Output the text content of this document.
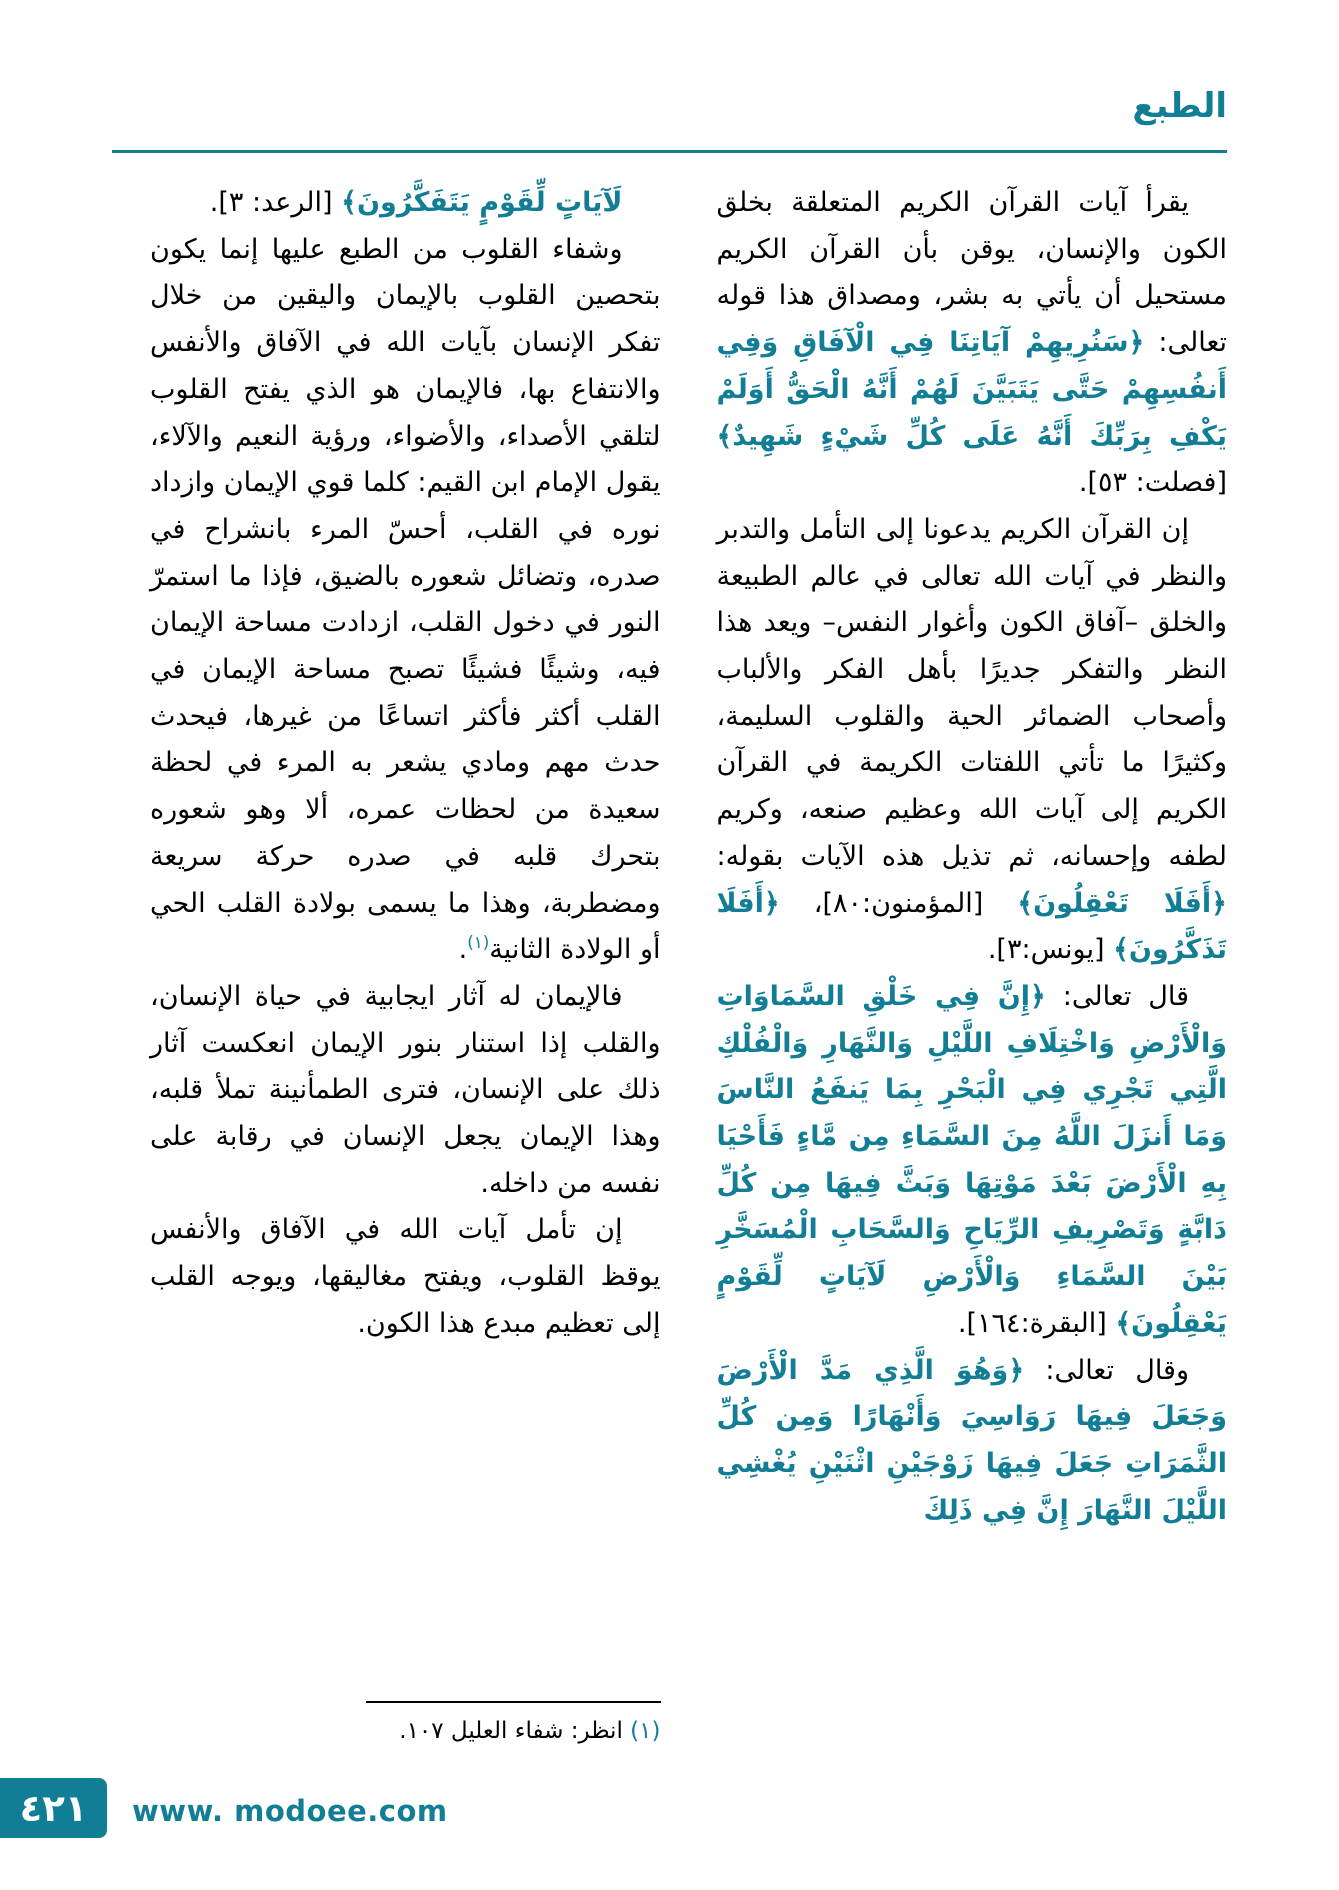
الطبع

يقرأ آيات القرآن الكريم المتعلقة بخلق الكون والإنسان، يوقن بأن القرآن الكريم مستحيل أن يأتي به بشر، ومصداق هذا قوله تعالى: ﴿سَنُرِيهِمْ آيَاتِنَا فِي الْآفَاقِ وَفِي أَنفُسِهِمْ حَتَّى يَتَبَيَّنَ لَهُمْ أَنَّهُ الْحَقُّ أَوَلَمْ يَكْفِ بِرَبِّكَ أَنَّهُ عَلَى كُلِّ شَيْءٍ شَهِيدٌ﴾ [فصلت: ٥٣].

إن القرآن الكريم يدعونا إلى التأمل والتدبر والنظر في آيات الله تعالى في عالم الطبيعة والخلق –آفاق الكون وأغوار النفس– ويعد هذا النظر والتفكر جديرًا بأهل الفكر والألباب وأصحاب الضمائر الحية والقلوب السليمة، وكثيرًا ما تأتي اللفتات الكريمة في القرآن الكريم إلى آيات الله وعظيم صنعه، وكريم لطفه وإحسانه، ثم تذيل هذه الآيات بقوله: ﴿أَفَلَا تَعْقِلُونَ﴾ [المؤمنون:٨٠]، ﴿أَفَلَا تَذَكَّرُونَ﴾ [يونس:٣].

قال تعالى: ﴿إِنَّ فِي خَلْقِ السَّمَاوَاتِ وَالْأَرْضِ وَاخْتِلَافِ اللَّيْلِ وَالنَّهَارِ وَالْفُلْكِ الَّتِي تَجْرِي فِي الْبَحْرِ بِمَا يَنفَعُ النَّاسَ وَمَا أَنزَلَ اللَّهُ مِنَ السَّمَاءِ مِن مَّاءٍ فَأَحْيَا بِهِ الْأَرْضَ بَعْدَ مَوْتِهَا وَبَثَّ فِيهَا مِن كُلِّ دَابَّةٍ وَتَصْرِيفِ الرِّيَاحِ وَالسَّحَابِ الْمُسَخَّرِ بَيْنَ السَّمَاءِ وَالْأَرْضِ لَآيَاتٍ لِّقَوْمٍ يَعْقِلُونَ﴾ [البقرة:١٦٤].

وقال تعالى: ﴿وَهُوَ الَّذِي مَدَّ الْأَرْضَ وَجَعَلَ فِيهَا رَوَاسِيَ وَأَنْهَارًا وَمِن كُلِّ الثَّمَرَاتِ جَعَلَ فِيهَا زَوْجَيْنِ اثْنَيْنِ يُغْشِي اللَّيْلَ النَّهَارَ إِنَّ فِي ذَلِكَ

لَآيَاتٍ لِّقَوْمٍ يَتَفَكَّرُونَ﴾ [الرعد: ٣].

وشفاء القلوب من الطبع عليها إنما يكون بتحصين القلوب بالإيمان واليقين من خلال تفكر الإنسان بآيات الله في الآفاق والأنفس والانتفاع بها، فالإيمان هو الذي يفتح القلوب لتلقي الأصداء، والأضواء، ورؤية النعيم والآلاء، يقول الإمام ابن القيم: كلما قوي الإيمان وازداد نوره في القلب، أحسّ المرء بانشراح في صدره، وتضائل شعوره بالضيق، فإذا ما استمرّ النور في دخول القلب، ازدادت مساحة الإيمان فيه، وشيئًا فشيئًا تصبح مساحة الإيمان في القلب أكثر فأكثر اتساعًا من غيرها، فيحدث حدث مهم ومادي يشعر به المرء في لحظة سعيدة من لحظات عمره، ألا وهو شعوره بتحرك قلبه في صدره حركة سريعة ومضطربة، وهذا ما يسمى بولادة القلب الحي أو الولادة الثانية$^{(١)}$.

فالإيمان له آثار ايجابية في حياة الإنسان، والقلب إذا استنار بنور الإيمان انعكست آثار ذلك على الإنسان، فترى الطمأنينة تملأ قلبه، وهذا الإيمان يجعل الإنسان في رقابة على نفسه من داخله.

إن تأمل آيات الله في الآفاق والأنفس يوقظ القلوب، ويفتح مغاليقها، ويوجه القلب إلى تعظيم مبدع هذا الكون.

(١) انظر: شفاء العليل ١٠٧.

٤٢١ www. modoee.com
